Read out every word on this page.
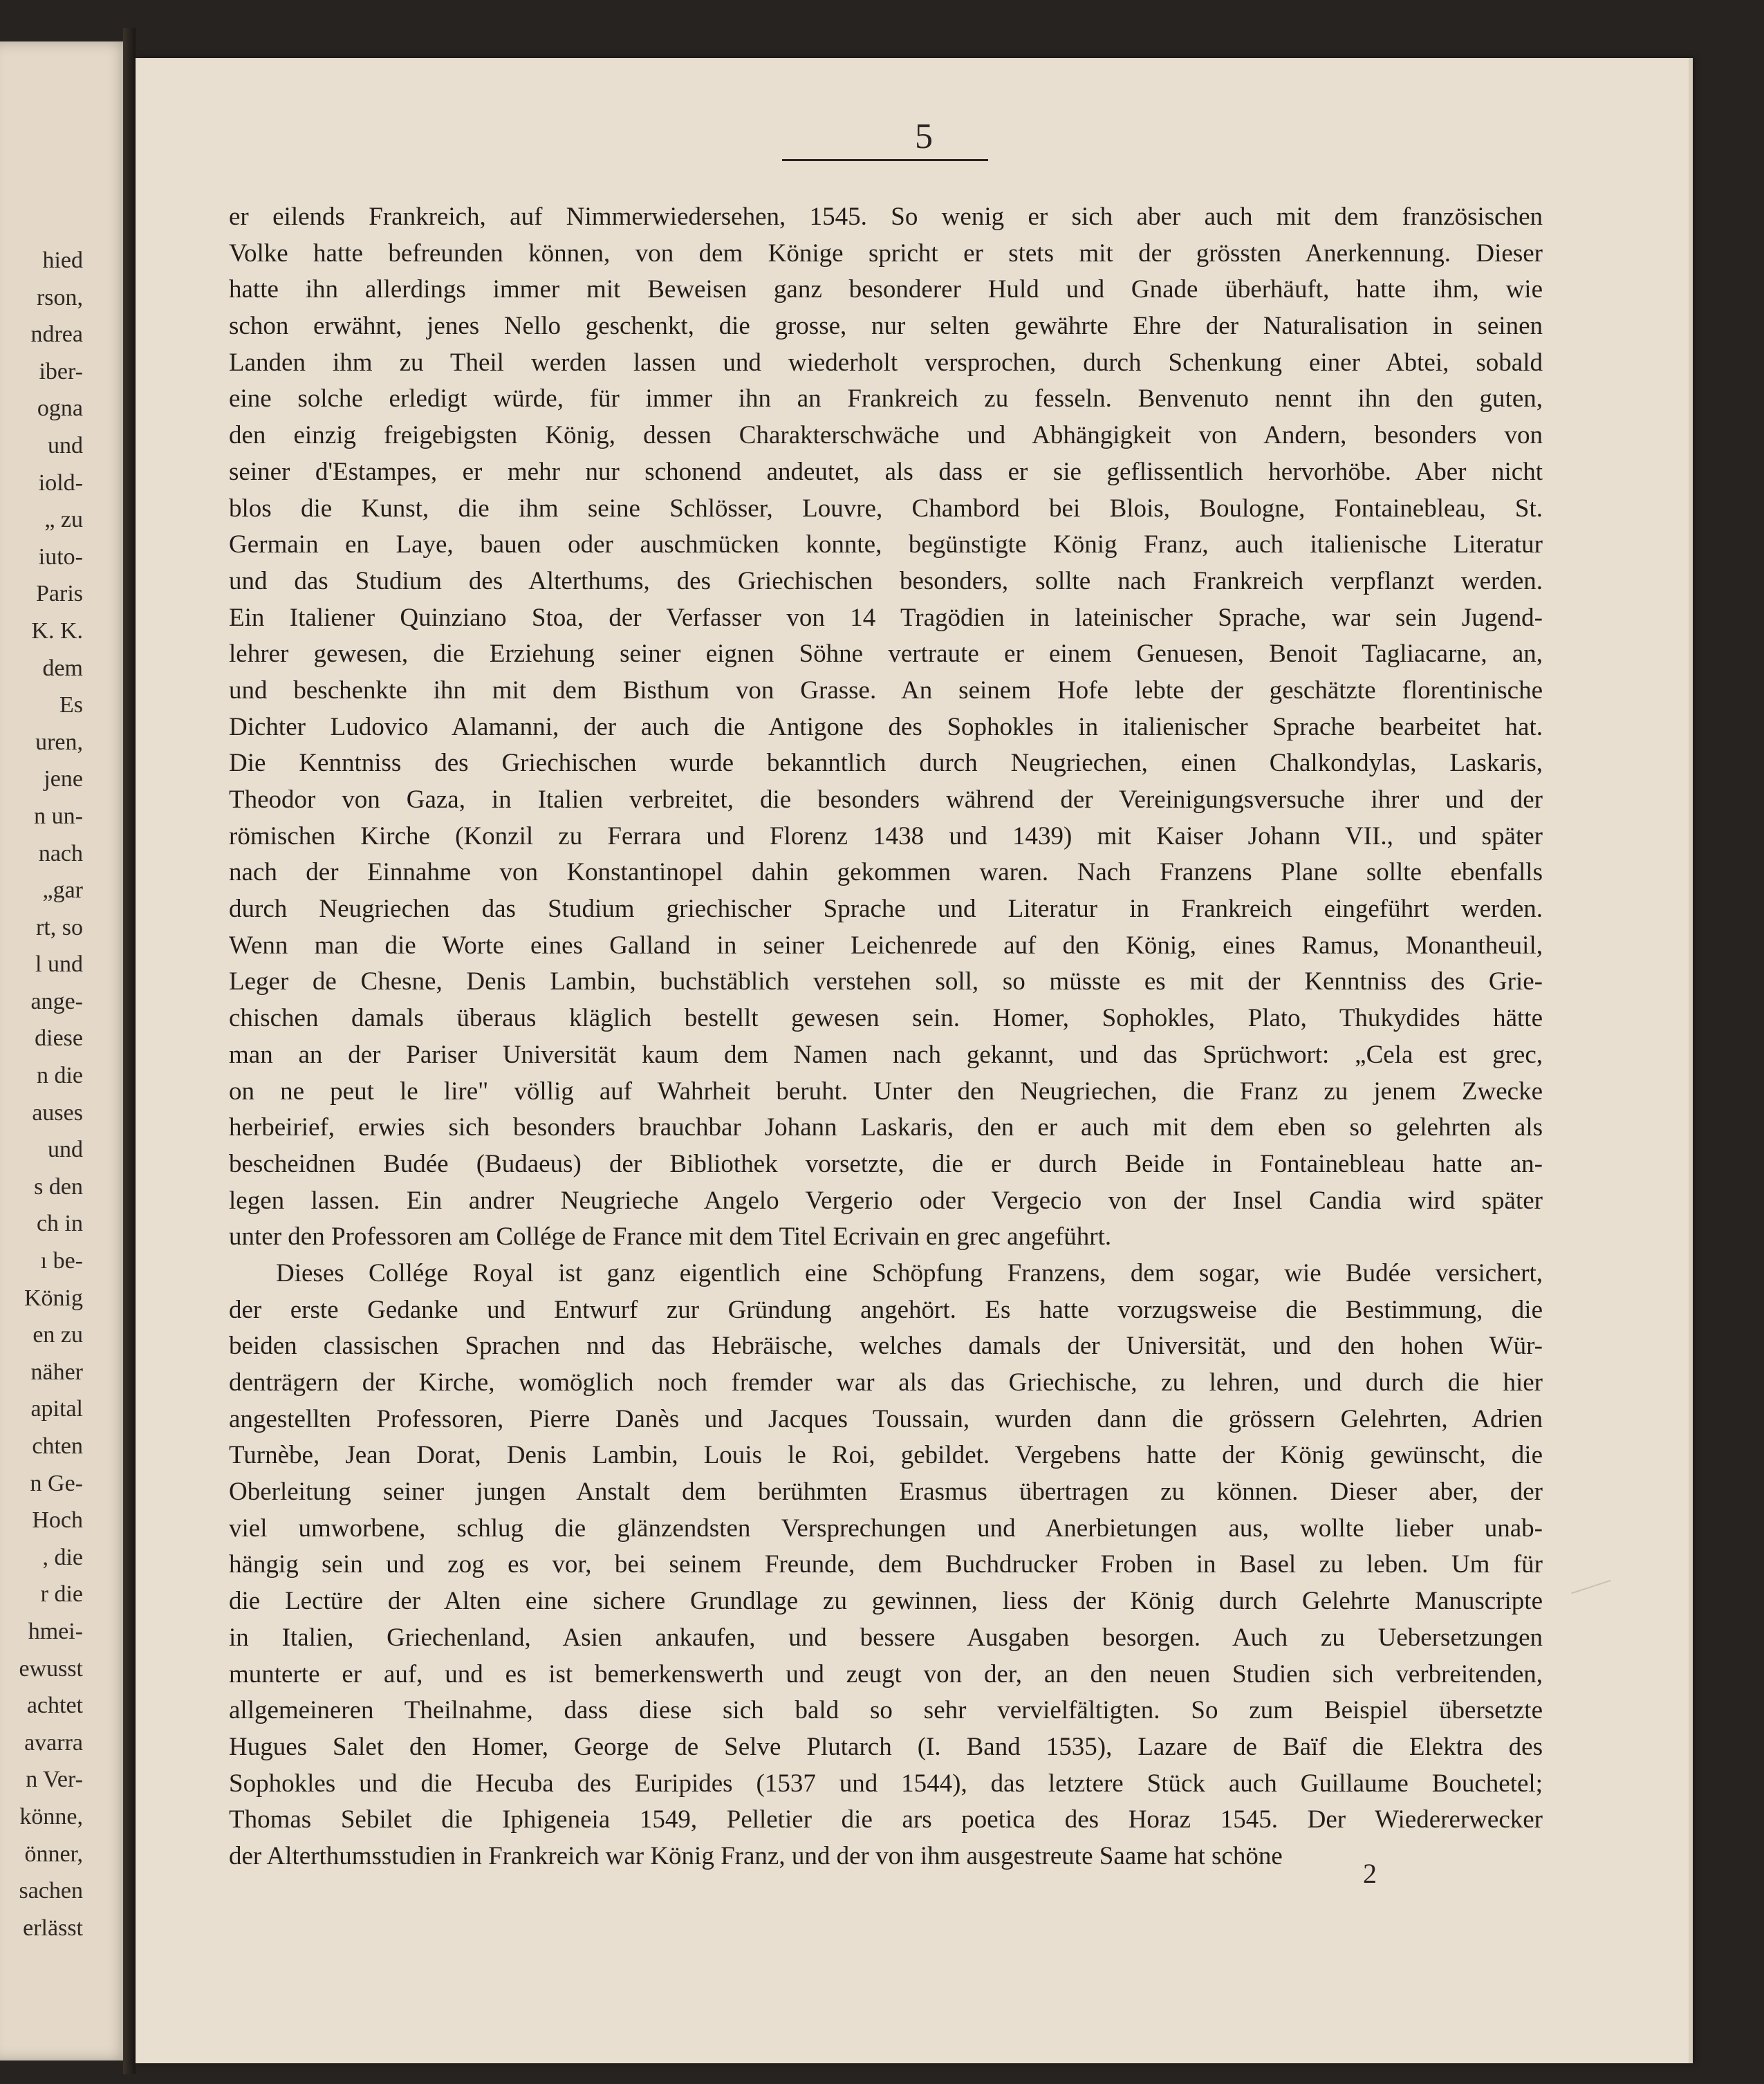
hied
rson,
ndrea
iber-
ogna
und
iold-
„ zu
iuto-
Paris
K. K.
dem
Es
uren,
jene
n un-
nach
„gar
rt, so
l und
ange-
diese
n die
auses
und
s den
ch in
ı be-
König
en zu
näher
apital
chten
n Ge-
Hoch
, die
r die
hmei-
ewusst
achtet
avarra
n Ver-
könne,
önner,
sachen
erlässt
5
er eilends Frankreich, auf Nimmerwiedersehen, 1545. So wenig er sich aber auch mit dem französischen
Volke hatte befreunden können, von dem Könige spricht er stets mit der grössten Anerkennung. Dieser
hatte ihn allerdings immer mit Beweisen ganz besonderer Huld und Gnade überhäuft, hatte ihm, wie
schon erwähnt, jenes Nello geschenkt, die grosse, nur selten gewährte Ehre der Naturalisation in seinen
Landen ihm zu Theil werden lassen und wiederholt versprochen, durch Schenkung einer Abtei, sobald
eine solche erledigt würde, für immer ihn an Frankreich zu fesseln. Benvenuto nennt ihn den guten,
den einzig freigebigsten König, dessen Charakterschwäche und Abhängigkeit von Andern, besonders von
seiner d'Estampes, er mehr nur schonend andeutet, als dass er sie geflissentlich hervorhöbe. Aber nicht
blos die Kunst, die ihm seine Schlösser, Louvre, Chambord bei Blois, Boulogne, Fontainebleau, St.
Germain en Laye, bauen oder auschmücken konnte, begünstigte König Franz, auch italienische Literatur
und das Studium des Alterthums, des Griechischen besonders, sollte nach Frankreich verpflanzt werden.
Ein Italiener Quinziano Stoa, der Verfasser von 14 Tragödien in lateinischer Sprache, war sein Jugend-
lehrer gewesen, die Erziehung seiner eignen Söhne vertraute er einem Genuesen, Benoit Tagliacarne, an,
und beschenkte ihn mit dem Bisthum von Grasse. An seinem Hofe lebte der geschätzte florentinische
Dichter Ludovico Alamanni, der auch die Antigone des Sophokles in italienischer Sprache bearbeitet hat.
Die Kenntniss des Griechischen wurde bekanntlich durch Neugriechen, einen Chalkondylas, Laskaris,
Theodor von Gaza, in Italien verbreitet, die besonders während der Vereinigungsversuche ihrer und der
römischen Kirche (Konzil zu Ferrara und Florenz 1438 und 1439) mit Kaiser Johann VII., und später
nach der Einnahme von Konstantinopel dahin gekommen waren. Nach Franzens Plane sollte ebenfalls
durch Neugriechen das Studium griechischer Sprache und Literatur in Frankreich eingeführt werden.
Wenn man die Worte eines Galland in seiner Leichenrede auf den König, eines Ramus, Monantheuil,
Leger de Chesne, Denis Lambin, buchstäblich verstehen soll, so müsste es mit der Kenntniss des Grie-
chischen damals überaus kläglich bestellt gewesen sein. Homer, Sophokles, Plato, Thukydides hätte
man an der Pariser Universität kaum dem Namen nach gekannt, und das Sprüchwort: „Cela est grec,
on ne peut le lire" völlig auf Wahrheit beruht. Unter den Neugriechen, die Franz zu jenem Zwecke
herbeirief, erwies sich besonders brauchbar Johann Laskaris, den er auch mit dem eben so gelehrten als
bescheidnen Budée (Budaeus) der Bibliothek vorsetzte, die er durch Beide in Fontainebleau hatte an-
legen lassen. Ein andrer Neugrieche Angelo Vergerio oder Vergecio von der Insel Candia wird später
unter den Professoren am Collége de France mit dem Titel Ecrivain en grec angeführt.
Dieses Collége Royal ist ganz eigentlich eine Schöpfung Franzens, dem sogar, wie Budée versichert,
der erste Gedanke und Entwurf zur Gründung angehört. Es hatte vorzugsweise die Bestimmung, die
beiden classischen Sprachen nnd das Hebräische, welches damals der Universität, und den hohen Wür-
denträgern der Kirche, womöglich noch fremder war als das Griechische, zu lehren, und durch die hier
angestellten Professoren, Pierre Danès und Jacques Toussain, wurden dann die grössern Gelehrten, Adrien
Turnèbe, Jean Dorat, Denis Lambin, Louis le Roi, gebildet. Vergebens hatte der König gewünscht, die
Oberleitung seiner jungen Anstalt dem berühmten Erasmus übertragen zu können. Dieser aber, der
viel umworbene, schlug die glänzendsten Versprechungen und Anerbietungen aus, wollte lieber unab-
hängig sein und zog es vor, bei seinem Freunde, dem Buchdrucker Froben in Basel zu leben. Um für
die Lectüre der Alten eine sichere Grundlage zu gewinnen, liess der König durch Gelehrte Manuscripte
in Italien, Griechenland, Asien ankaufen, und bessere Ausgaben besorgen. Auch zu Uebersetzungen
munterte er auf, und es ist bemerkenswerth und zeugt von der, an den neuen Studien sich verbreitenden,
allgemeineren Theilnahme, dass diese sich bald so sehr vervielfältigten. So zum Beispiel übersetzte
Hugues Salet den Homer, George de Selve Plutarch (I. Band 1535), Lazare de Baïf die Elektra des
Sophokles und die Hecuba des Euripides (1537 und 1544), das letztere Stück auch Guillaume Bouchetel;
Thomas Sebilet die Iphigeneia 1549, Pelletier die ars poetica des Horaz 1545. Der Wiedererwecker
der Alterthumsstudien in Frankreich war König Franz, und der von ihm ausgestreute Saame hat schöne
2
